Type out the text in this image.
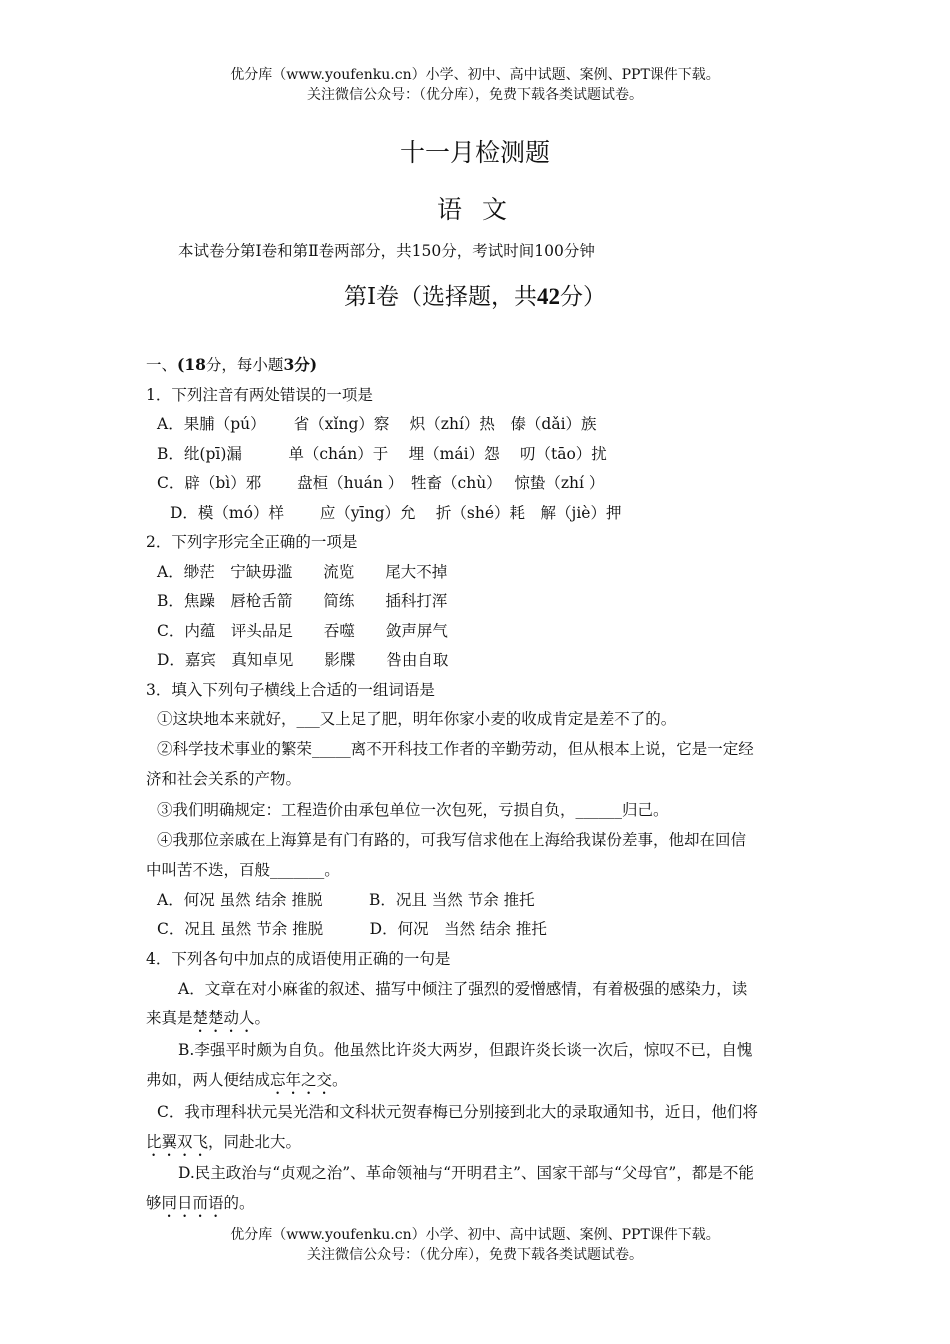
优分库（www.youfenku.cn）小学、初中、高中试题、案例、PPT课件下载。
关注微信公众号：（优分库），免费下载各类试题试卷。
十一月检测题
语 文
本试卷分第Ⅰ卷和第Ⅱ卷两部分，共150分，考试时间100分钟
第Ⅰ卷（选择题，共42分）
一、(18分，每小题3分)
1．下列注音有两处错误的一项是
A．果脯（pú）　　 省（xǐng）察　 炽（zhí）热　傣（dǎi）族
B．纰(pī)漏　　　单（chán）于　 埋（mái）怨　 叨（tāo）扰
C．辟（bì）邪　　 盘桓（huán ）　牲畜（chù）　 惊蛰（zhí ）
D．模（mó）样　　 应（yīng）允　 折（shé）耗　解（jiè）押
2．下列字形完全正确的一项是
A．缈茫　宁缺毋滥　　流览　　尾大不掉
B．焦躁　唇枪舌箭　　简练　　插科打浑
C．内蕴　评头品足　　吞噬　　敛声屏气
D．嘉宾　真知卓见　　影牒　　咎由自取
3．填入下列句子横线上合适的一组词语是
①这块地本来就好，___又上足了肥，明年你家小麦的收成肯定是差不了的。
②科学技术事业的繁荣_____离不开科技工作者的辛勤劳动，但从根本上说，它是一定经
济和社会关系的产物。
③我们明确规定：工程造价由承包单位一次包死，亏损自负，______归己。
④我那位亲戚在上海算是有门有路的，可我写信求他在上海给我谋份差事，他却在回信
中叫苦不迭，百般_______。
A．何况 虽然 结余 推脱　　　B．况且 当然 节余 推托
C．况且 虽然 节余 推脱　　　D．何况　当然 结余 推托
4．下列各句中加点的成语使用正确的一句是
A．文章在对小麻雀的叙述、描写中倾注了强烈的爱憎感情，有着极强的感染力，读
来真是楚楚动人。
B.李强平时颇为自负。他虽然比许炎大两岁，但跟许炎长谈一次后，惊叹不已，自愧
弗如，两人便结成忘年之交。
C．我市理科状元吴光浩和文科状元贺春梅已分别接到北大的录取通知书，近日，他们将
比翼双飞，同赴北大。
D.民主政治与“贞观之治”、革命领袖与“开明君主”、国家干部与“父母官”，都是不能
够同日而语的。
优分库（www.youfenku.cn）小学、初中、高中试题、案例、PPT课件下载。
关注微信公众号：（优分库），免费下载各类试题试卷。
